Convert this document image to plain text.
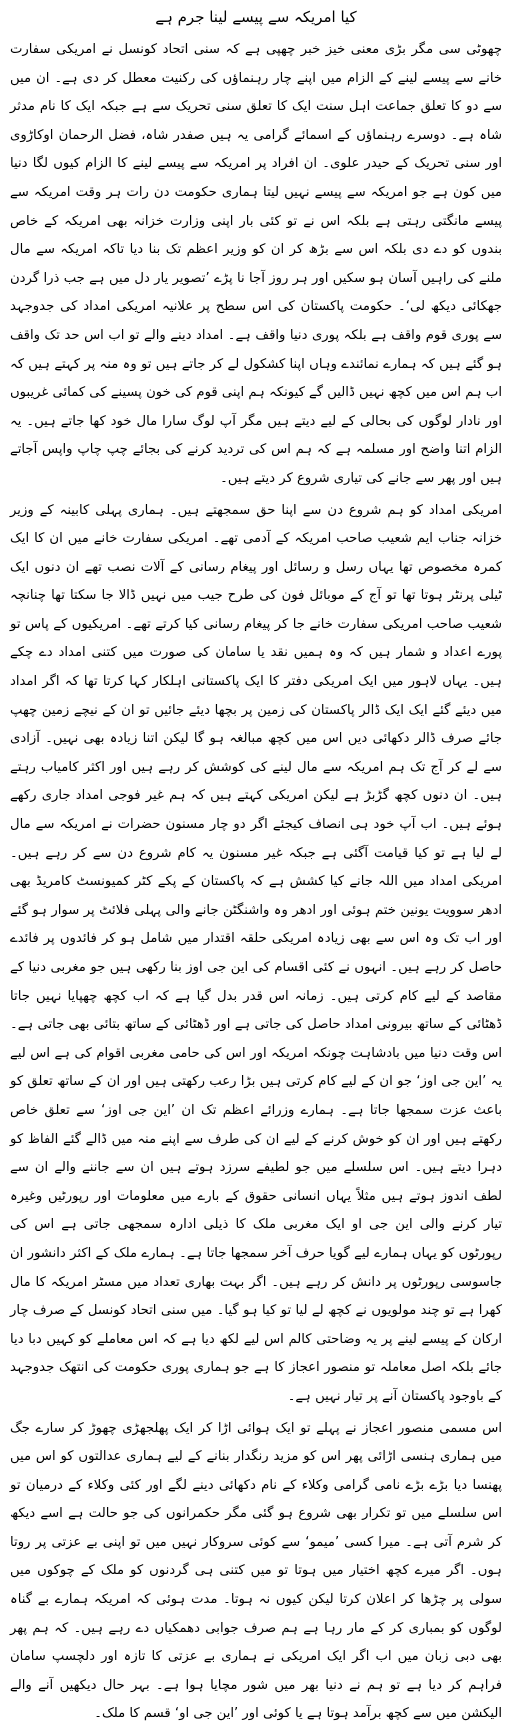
کیا امریکہ سے پیسے لینا جرم ہے

چھوٹی سی مگر بڑی معنی خیز خبر چھپی ہے کہ سنی اتحاد کونسل نے امریکی سفارت خانے سے پیسے لینے کے الزام میں اپنے چار رہنماؤں کی رکنیت معطل کر دی ہے۔ ان میں سے دو کا تعلق جماعت اہل سنت ایک کا تعلق سنی تحریک سے ہے جبکہ ایک کا نام مدثر شاہ ہے۔ دوسرے رہنماؤں کے اسمائے گرامی یہ ہیں صفدر شاہ، فضل الرحمان اوکاڑوی اور سنی تحریک کے حیدر علوی۔ ان افراد پر امریکہ سے پیسے لینے کا الزام کیوں لگا دنیا میں کون ہے جو امریکہ سے پیسے نہیں لیتا ہماری حکومت دن رات ہر وقت امریکہ سے پیسے مانگتی رہتی ہے بلکہ اس نے تو کئی بار اپنی وزارت خزانہ بھی امریکہ کے خاص بندوں کو دے دی بلکہ اس سے بڑھ کر ان کو وزیر اعظم تک بنا دیا تاکہ امریکہ سے مال ملنے کی راہیں آسان ہو سکیں اور ہر روز آجا نا پڑے ’تصویر یار دل میں ہے جب ذرا گردن جھکائی دیکھ لی‘۔ حکومت پاکستان کی اس سطح پر علانیہ امریکی امداد کی جدوجہد سے پوری قوم واقف ہے بلکہ پوری دنیا واقف ہے۔ امداد دینے والے تو اب اس حد تک واقف ہو گئے ہیں کہ ہمارے نمائندے وہاں اپنا کشکول لے کر جاتے ہیں تو وہ منہ پر کہتے ہیں کہ اب ہم اس میں کچھ نہیں ڈالیں گے کیونکہ ہم اپنی قوم کی خون پسینے کی کمائی غریبوں اور نادار لوگوں کی بحالی کے لیے دیتے ہیں مگر آپ لوگ سارا مال خود کھا جاتے ہیں۔ یہ الزام اتنا واضح اور مسلمہ ہے کہ ہم اس کی تردید کرنے کی بجائے چپ چاپ واپس آجاتے ہیں اور پھر سے جانے کی تیاری شروع کر دیتے ہیں۔

امریکی امداد کو ہم شروع دن سے اپنا حق سمجھتے ہیں۔ ہماری پہلی کابینہ کے وزیر خزانہ جناب ایم شعیب صاحب امریکہ کے آدمی تھے۔ امریکی سفارت خانے میں ان کا ایک کمرہ مخصوص تھا یہاں رسل و رسائل اور پیغام رسانی کے آلات نصب تھے ان دنوں ایک ٹیلی پرنٹر ہوتا تھا تو آج کے موبائل فون کی طرح جیب میں نہیں ڈالا جا سکتا تھا چنانچہ شعیب صاحب امریکی سفارت خانے جا کر پیغام رسانی کیا کرتے تھے۔ امریکیوں کے پاس تو پورے اعداد و شمار ہیں کہ وہ ہمیں نقد یا سامان کی صورت میں کتنی امداد دے چکے ہیں۔ یہاں لاہور میں ایک امریکی دفتر کا ایک پاکستانی اہلکار کہا کرتا تھا کہ اگر امداد میں دیئے گئے ایک ایک ڈالر پاکستان کی زمین پر بچھا دیئے جائیں تو ان کے نیچے زمین چھپ جائے صرف ڈالر دکھائی دیں اس میں کچھ مبالغہ ہو گا لیکن اتنا زیادہ بھی نہیں۔ آزادی سے لے کر آج تک ہم امریکہ سے مال لینے کی کوشش کر رہے ہیں اور اکثر کامیاب رہتے ہیں۔ ان دنوں کچھ گڑبڑ ہے لیکن امریکی کہتے ہیں کہ ہم غیر فوجی امداد جاری رکھے ہوئے ہیں۔ اب آپ خود ہی انصاف کیجئے اگر دو چار مسنون حضرات نے امریکہ سے مال لے لیا ہے تو کیا قیامت آگئی ہے جبکہ غیر مسنون یہ کام شروع دن سے کر رہے ہیں۔ امریکی امداد میں اللہ جانے کیا کشش ہے کہ پاکستان کے پکے کٹر کمیونسٹ کامریڈ بھی ادھر سوویت یونین ختم ہوئی اور ادھر وہ واشنگٹن جانے والی پہلی فلائٹ پر سوار ہو گئے اور اب تک وہ اس سے بھی زیادہ امریکی حلقہ اقتدار میں شامل ہو کر فائدوں پر فائدے حاصل کر رہے ہیں۔ انہوں نے کئی اقسام کی این جی اوز بنا رکھی ہیں جو مغربی دنیا کے مقاصد کے لیے کام کرتی ہیں۔ زمانہ اس قدر بدل گیا ہے کہ اب کچھ چھپایا نہیں جاتا ڈھٹائی کے ساتھ بیرونی امداد حاصل کی جاتی ہے اور ڈھٹائی کے ساتھ بتائی بھی جاتی ہے۔ اس وقت دنیا میں بادشاہت چونکہ امریکہ اور اس کی حامی مغربی اقوام کی ہے اس لیے یہ ’این جی اوز‘ جو ان کے لیے کام کرتی ہیں بڑا رعب رکھتی ہیں اور ان کے ساتھ تعلق کو باعث عزت سمجھا جاتا ہے۔ ہمارے وزرائے اعظم تک ان ’این جی اوز‘ سے تعلق خاص رکھتے ہیں اور ان کو خوش کرنے کے لیے ان کی طرف سے اپنے منہ میں ڈالے گئے الفاظ کو دہرا دیتے ہیں۔ اس سلسلے میں جو لطیفے سرزد ہوتے ہیں ان سے جاننے والے ان سے لطف اندوز ہوتے ہیں مثلاً یہاں انسانی حقوق کے بارے میں معلومات اور رپورٹیں وغیرہ تیار کرنے والی این جی او ایک مغربی ملک کا ذیلی ادارہ سمجھی جاتی ہے اس کی رپورٹوں کو یہاں ہمارے لیے گویا حرف آخر سمجھا جاتا ہے۔ ہمارے ملک کے اکثر دانشور ان جاسوسی رپورٹوں پر دانش کر رہے ہیں۔ اگر بہت بھاری تعداد میں مسٹر امریکہ کا مال کھرا ہے تو چند مولویوں نے کچھ لے لیا تو کیا ہو گیا۔ میں سنی اتحاد کونسل کے صرف چار ارکان کے پیسے لینے پر یہ وضاحتی کالم اس لیے لکھ دیا ہے کہ اس معاملے کو کہیں دبا دیا جائے بلکہ اصل معاملہ تو منصور اعجاز کا ہے جو ہماری پوری حکومت کی انتھک جدوجہد کے باوجود پاکستان آنے پر تیار نہیں ہے۔

اس مسمی منصور اعجاز نے پہلے تو ایک ہوائی اڑا کر ایک پھلجھڑی چھوڑ کر سارے جگ میں ہماری ہنسی اڑائی پھر اس کو مزید رنگدار بنانے کے لیے ہماری عدالتوں کو اس میں پھنسا دیا بڑے بڑے نامی گرامی وکلاء کے نام دکھائی دینے لگے اور کئی وکلاء کے درمیان تو اس سلسلے میں تو تکرار بھی شروع ہو گئی مگر حکمرانوں کی جو حالت ہے اسے دیکھ کر شرم آتی ہے۔ میرا کسی ’میمو‘ سے کوئی سروکار نہیں میں تو اپنی بے عزتی پر روتا ہوں۔ اگر میرے کچھ اختیار میں ہوتا تو میں کتنی ہی گردنوں کو ملک کے چوکوں میں سولی پر چڑھا کر اعلان کرتا لیکن کیوں نہ ہوتا۔ مدت ہوئی کہ امریکہ ہمارے بے گناہ لوگوں کو بمباری کر کے مار رہا ہے ہم صرف جوابی دھمکیاں دے رہے ہیں۔ کہ ہم پھر بھی دبی زبان میں اب اگر ایک امریکی نے ہماری بے عزتی کا تازہ اور دلچسپ سامان فراہم کر دیا ہے تو ہم نے دنیا بھر میں شور مچایا ہوا ہے۔ بہر حال دیکھیں آنے والے الیکشن میں سے کچھ برآمد ہوتا ہے یا کوئی اور ’این جی او‘ قسم کا ملک۔
